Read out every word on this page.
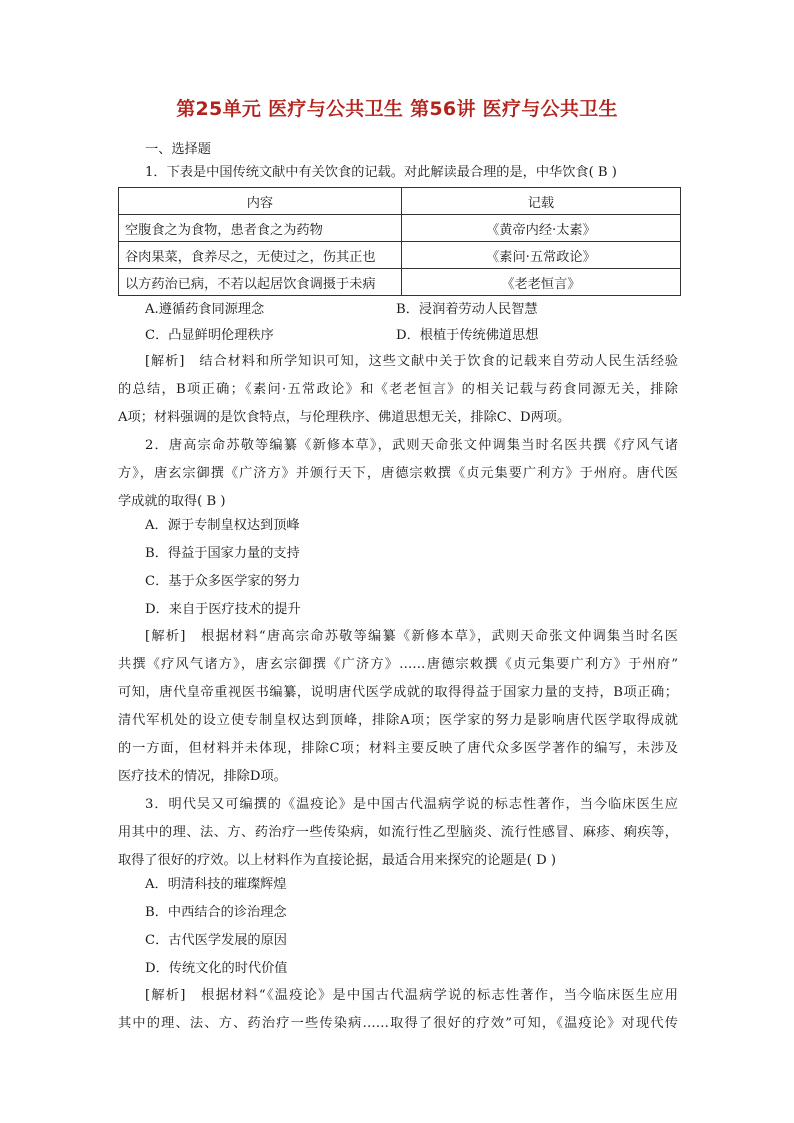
第25单元 医疗与公共卫生 第56讲 医疗与公共卫生
一、选择题
1．下表是中国传统文献中有关饮食的记载。对此解读最合理的是，中华饮食( B )
内容	记载
空腹食之为食物，患者食之为药物	《黄帝内经·太素》
谷肉果菜，食养尽之，无使过之，伤其正也	《素问·五常政论》
以方药治已病，不若以起居饮食调摄于未病	《老老恒言》
A.遵循药食同源理念	B．浸润着劳动人民智慧
C．凸显鲜明伦理秩序	D．根植于传统佛道思想
[解析]　结合材料和所学知识可知，这些文献中关于饮食的记载来自劳动人民生活经验
的总结，B项正确；《素问·五常政论》和《老老恒言》的相关记载与药食同源无关，排除
A项；材料强调的是饮食特点，与伦理秩序、佛道思想无关，排除C、D两项。
2．唐高宗命苏敬等编纂《新修本草》，武则天命张文仲调集当时名医共撰《疗风气诸
方》，唐玄宗御撰《广济方》并颁行天下，唐德宗敕撰《贞元集要广利方》于州府。唐代医
学成就的取得( B )
A．源于专制皇权达到顶峰
B．得益于国家力量的支持
C．基于众多医学家的努力
D．来自于医疗技术的提升
[解析]　根据材料“唐高宗命苏敬等编纂《新修本草》，武则天命张文仲调集当时名医
共撰《疗风气诸方》，唐玄宗御撰《广济方》……唐德宗敕撰《贞元集要广利方》于州府”
可知，唐代皇帝重视医书编纂，说明唐代医学成就的取得得益于国家力量的支持，B项正确；
清代军机处的设立使专制皇权达到顶峰，排除A项；医学家的努力是影响唐代医学取得成就
的一方面，但材料并未体现，排除C项；材料主要反映了唐代众多医学著作的编写，未涉及
医疗技术的情况，排除D项。
3．明代吴又可编撰的《温疫论》是中国古代温病学说的标志性著作，当今临床医生应
用其中的理、法、方、药治疗一些传染病，如流行性乙型脑炎、流行性感冒、麻疹、痢疾等，
取得了很好的疗效。以上材料作为直接论据，最适合用来探究的论题是( D )
A．明清科技的璀璨辉煌
B．中西结合的诊治理念
C．古代医学发展的原因
D．传统文化的时代价值
[解析]　根据材料“《温疫论》是中国古代温病学说的标志性著作，当今临床医生应用
其中的理、法、方、药治疗一些传染病……取得了很好的疗效”可知，《温疫论》对现代传
